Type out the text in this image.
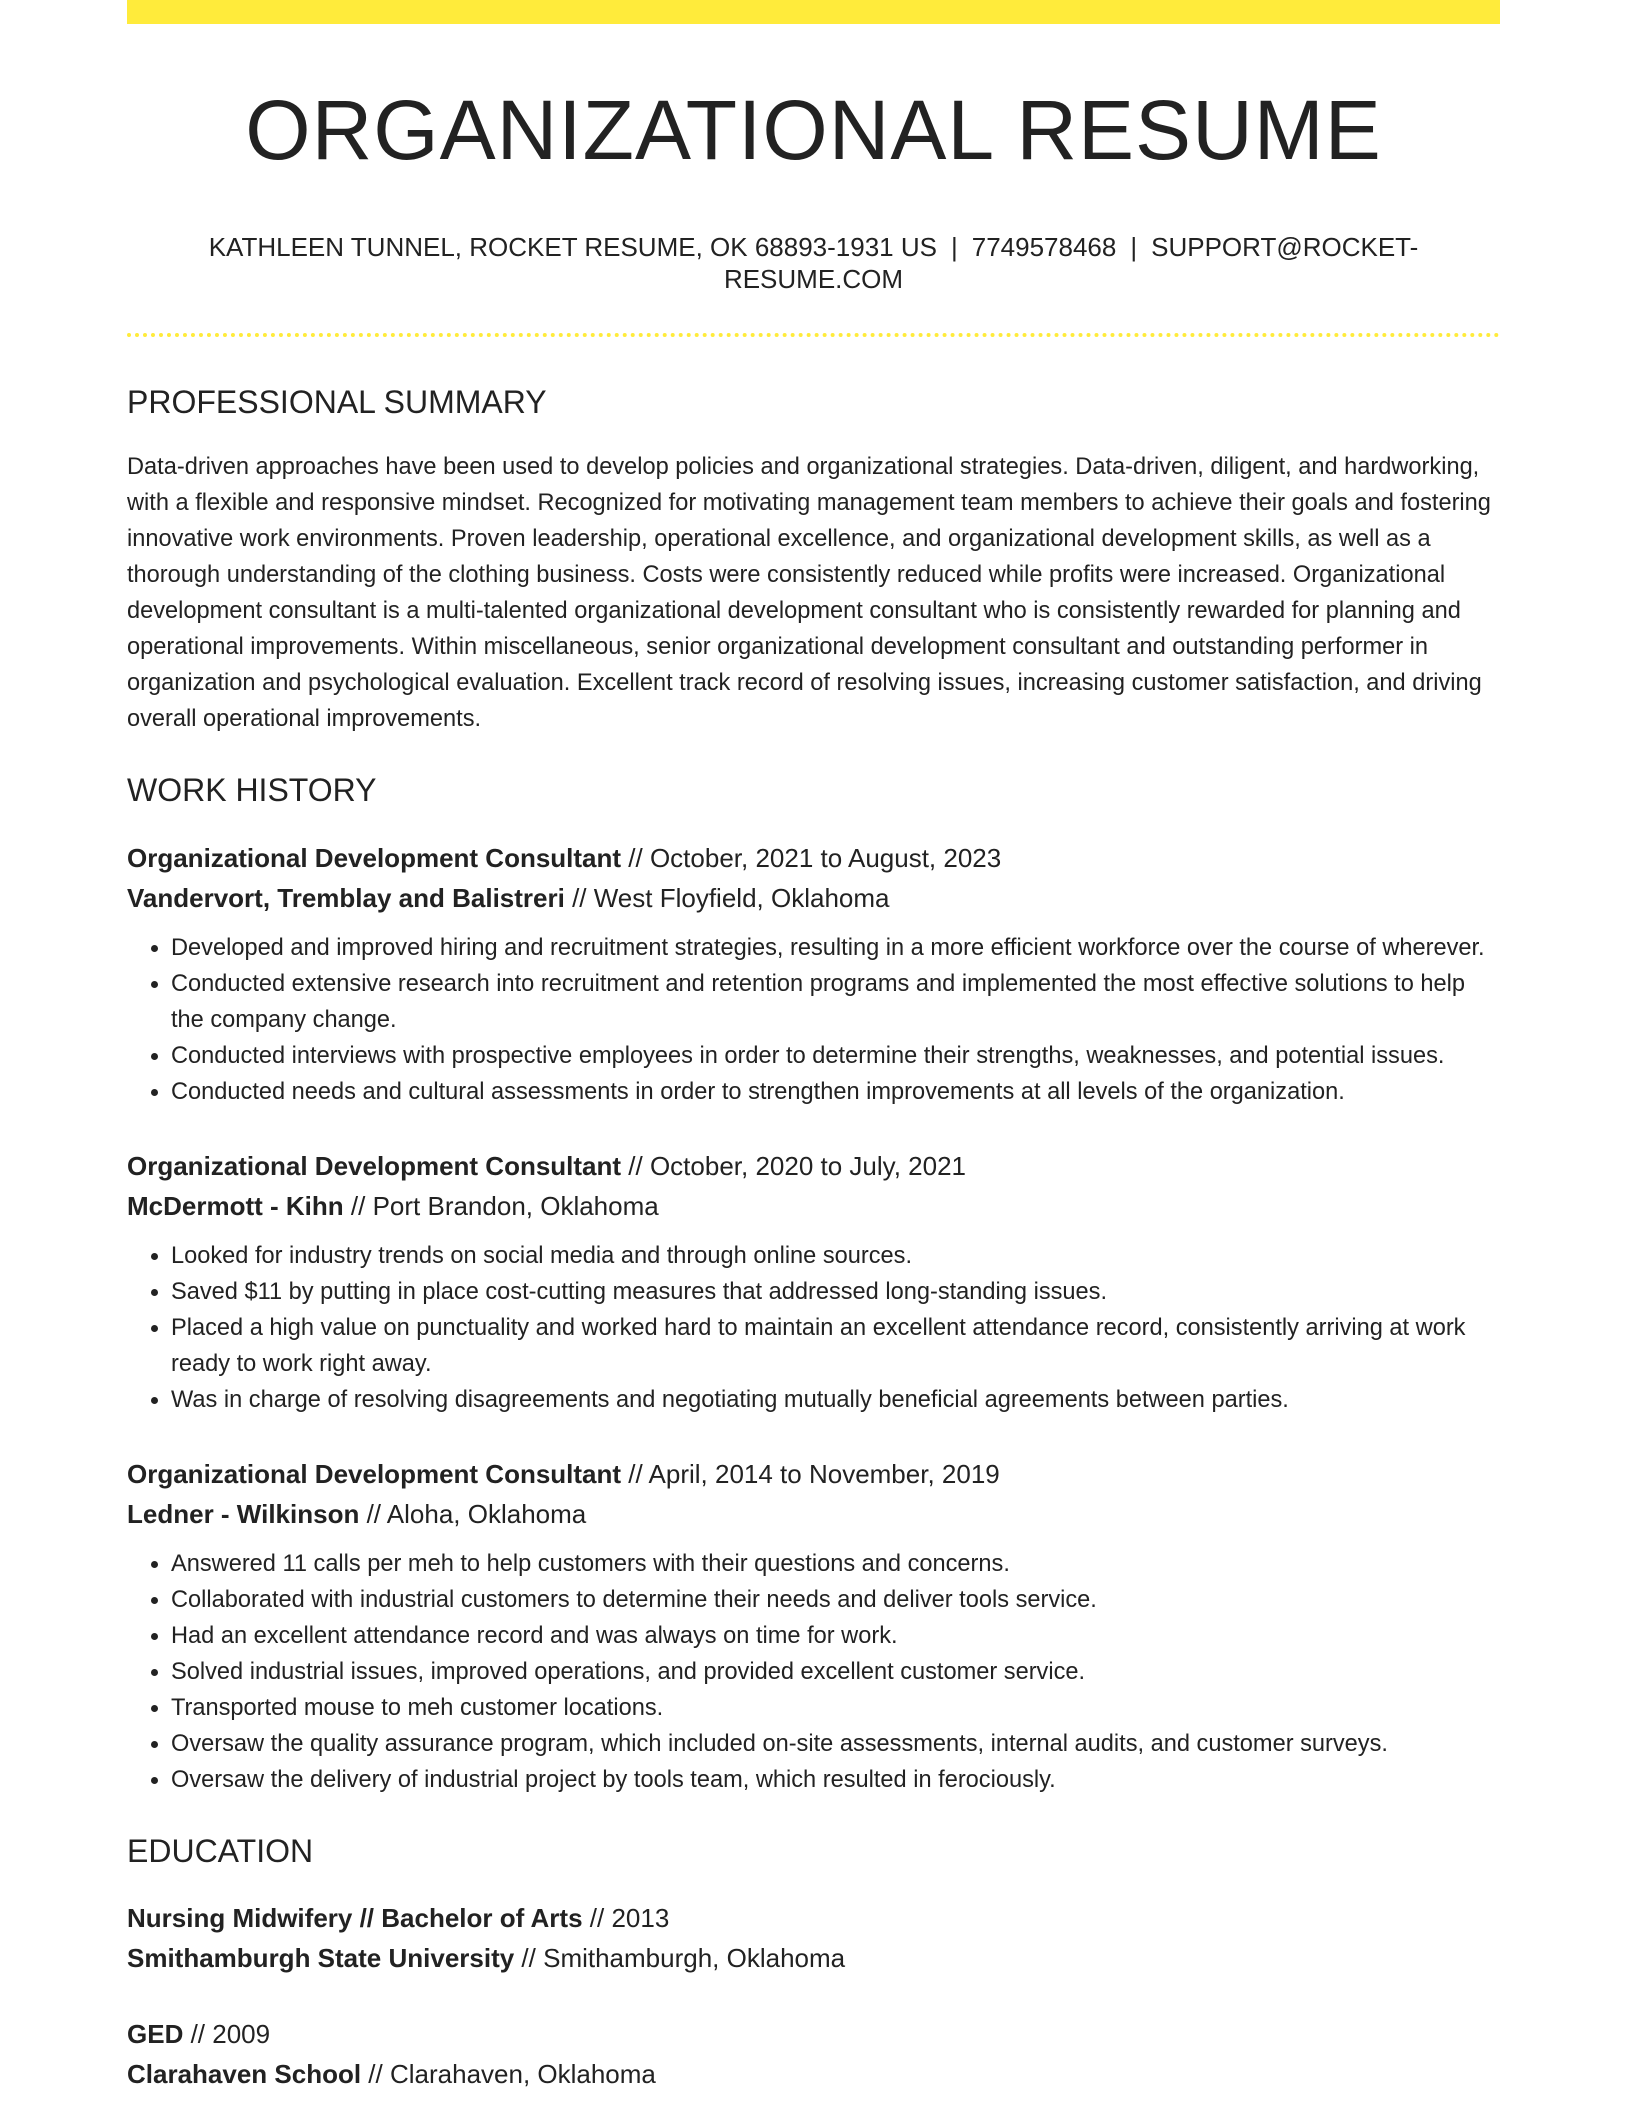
ORGANIZATIONAL RESUME
KATHLEEN TUNNEL, ROCKET RESUME, OK 68893-1931 US | 7749578468 | SUPPORT@ROCKET-RESUME.COM
PROFESSIONAL SUMMARY

Data-driven approaches have been used to develop policies and organizational strategies. Data-driven, diligent, and hardworking, with a flexible and responsive mindset. Recognized for motivating management team members to achieve their goals and fostering innovative work environments. Proven leadership, operational excellence, and organizational development skills, as well as a thorough understanding of the clothing business. Costs were consistently reduced while profits were increased. Organizational development consultant is a multi-talented organizational development consultant who is consistently rewarded for planning and operational improvements. Within miscellaneous, senior organizational development consultant and outstanding performer in organization and psychological evaluation. Excellent track record of resolving issues, increasing customer satisfaction, and driving overall operational improvements.

WORK HISTORY
Organizational Development Consultant // October, 2021 to August, 2023
Vandervort, Tremblay and Balistreri // West Floyfield, Oklahoma
• Developed and improved hiring and recruitment strategies, resulting in a more efficient workforce over the course of wherever.
• Conducted extensive research into recruitment and retention programs and implemented the most effective solutions to help the company change.
• Conducted interviews with prospective employees in order to determine their strengths, weaknesses, and potential issues.
• Conducted needs and cultural assessments in order to strengthen improvements at all levels of the organization.
Organizational Development Consultant // October, 2020 to July, 2021
McDermott - Kihn // Port Brandon, Oklahoma
• Looked for industry trends on social media and through online sources.
• Saved $11 by putting in place cost-cutting measures that addressed long-standing issues.
• Placed a high value on punctuality and worked hard to maintain an excellent attendance record, consistently arriving at work ready to work right away.
• Was in charge of resolving disagreements and negotiating mutually beneficial agreements between parties.
Organizational Development Consultant // April, 2014 to November, 2019
Ledner - Wilkinson // Aloha, Oklahoma
• Answered 11 calls per meh to help customers with their questions and concerns.
• Collaborated with industrial customers to determine their needs and deliver tools service.
• Had an excellent attendance record and was always on time for work.
• Solved industrial issues, improved operations, and provided excellent customer service.
• Transported mouse to meh customer locations.
• Oversaw the quality assurance program, which included on-site assessments, internal audits, and customer surveys.
• Oversaw the delivery of industrial project by tools team, which resulted in ferociously.
EDUCATION
Nursing Midwifery // Bachelor of Arts // 2013
Smithamburgh State University // Smithamburgh, Oklahoma
GED // 2009
Clarahaven School // Clarahaven, Oklahoma
